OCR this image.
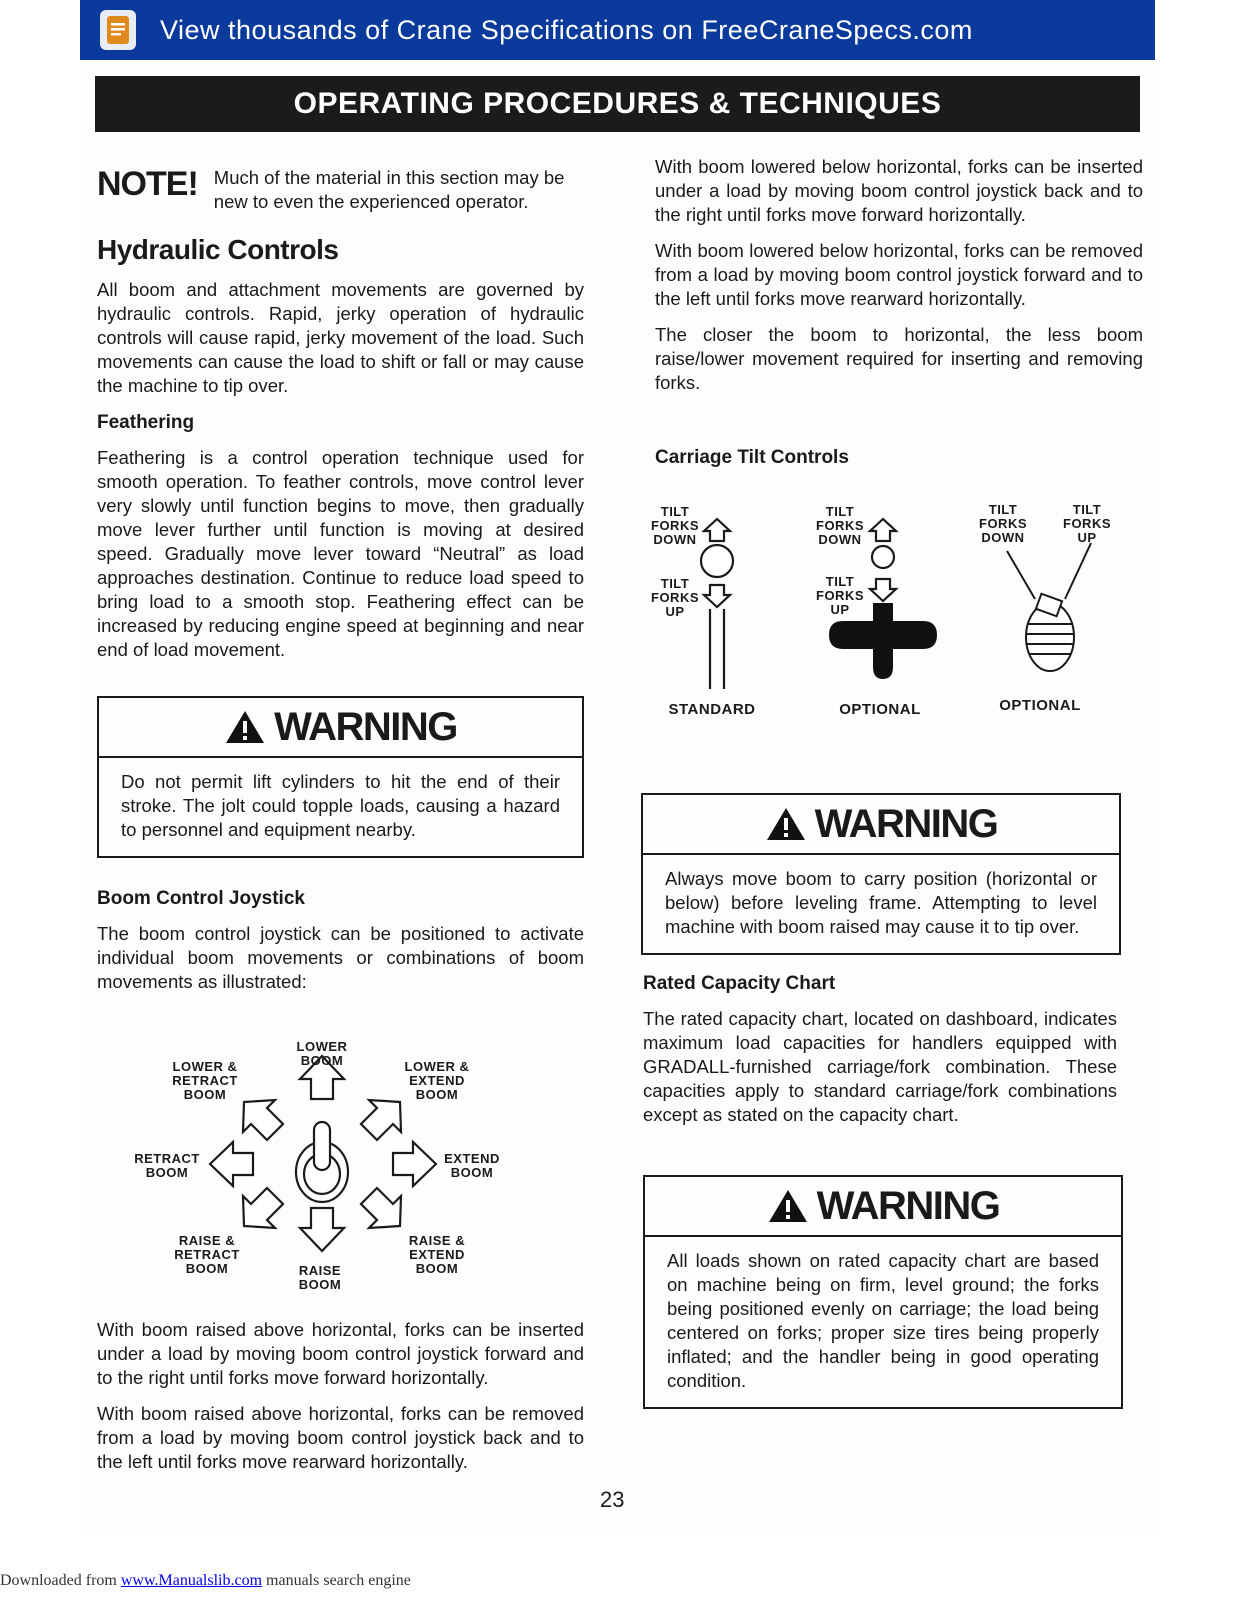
View thousands of Crane Specifications on FreeCraneSpecs.com
OPERATING PROCEDURES & TECHNIQUES
NOTE! Much of the material in this section may be new to even the experienced operator.
Hydraulic Controls

All boom and attachment movements are governed by hydraulic controls. Rapid, jerky operation of hydraulic controls will cause rapid, jerky movement of the load. Such movements can cause the load to shift or fall or may cause the machine to tip over.

Feathering

Feathering is a control operation technique used for smooth operation. To feather controls, move control lever very slowly until function begins to move, then gradually move lever further until function is moving at desired speed. Gradually move lever toward “Neutral” as load approaches destination. Continue to reduce load speed to bring load to a smooth stop. Feathering effect can be increased by reducing engine speed at beginning and near end of load movement.

WARNING
Do not permit lift cylinders to hit the end of their stroke. The jolt could topple loads, causing a hazard to personnel and equipment nearby.
Boom Control Joystick

The boom control joystick can be positioned to activate individual boom movements or combinations of boom movements as illustrated:

LOWER BOOM
LOWER & RETRACT BOOM
LOWER & EXTEND BOOM
RETRACT BOOM
EXTEND BOOM
RAISE & RETRACT BOOM
RAISE & EXTEND BOOM
RAISE BOOM

With boom raised above horizontal, forks can be inserted under a load by moving boom control joystick forward and to the right until forks move forward horizontally.

With boom raised above horizontal, forks can be removed from a load by moving boom control joystick back and to the left until forks move rearward horizontally.

With boom lowered below horizontal, forks can be inserted under a load by moving boom control joystick back and to the right until forks move forward horizontally.

With boom lowered below horizontal, forks can be removed from a load by moving boom control joystick forward and to the left until forks move rearward horizontally.

The closer the boom to horizontal, the less boom raise/lower movement required for inserting and removing forks.

Carriage Tilt Controls
TILT FORKS DOWN
TILT FORKS UP
TILT FORKS DOWN
TILT FORKS UP
TILT FORKS DOWN
TILT FORKS UP
STANDARD	OPTIONAL	OPTIONAL
WARNING
Always move boom to carry position (horizontal or below) before leveling frame. Attempting to level machine with boom raised may cause it to tip over.
Rated Capacity Chart

The rated capacity chart, located on dashboard, indicates maximum load capacities for handlers equipped with GRADALL-furnished carriage/fork combination. These capacities apply to standard carriage/fork combinations except as stated on the capacity chart.

WARNING
All loads shown on rated capacity chart are based on machine being on firm, level ground; the forks being positioned evenly on carriage; the load being centered on forks; proper size tires being properly inflated; and the handler being in good operating condition.
23
Downloaded from www.Manualslib.com manuals search engine
